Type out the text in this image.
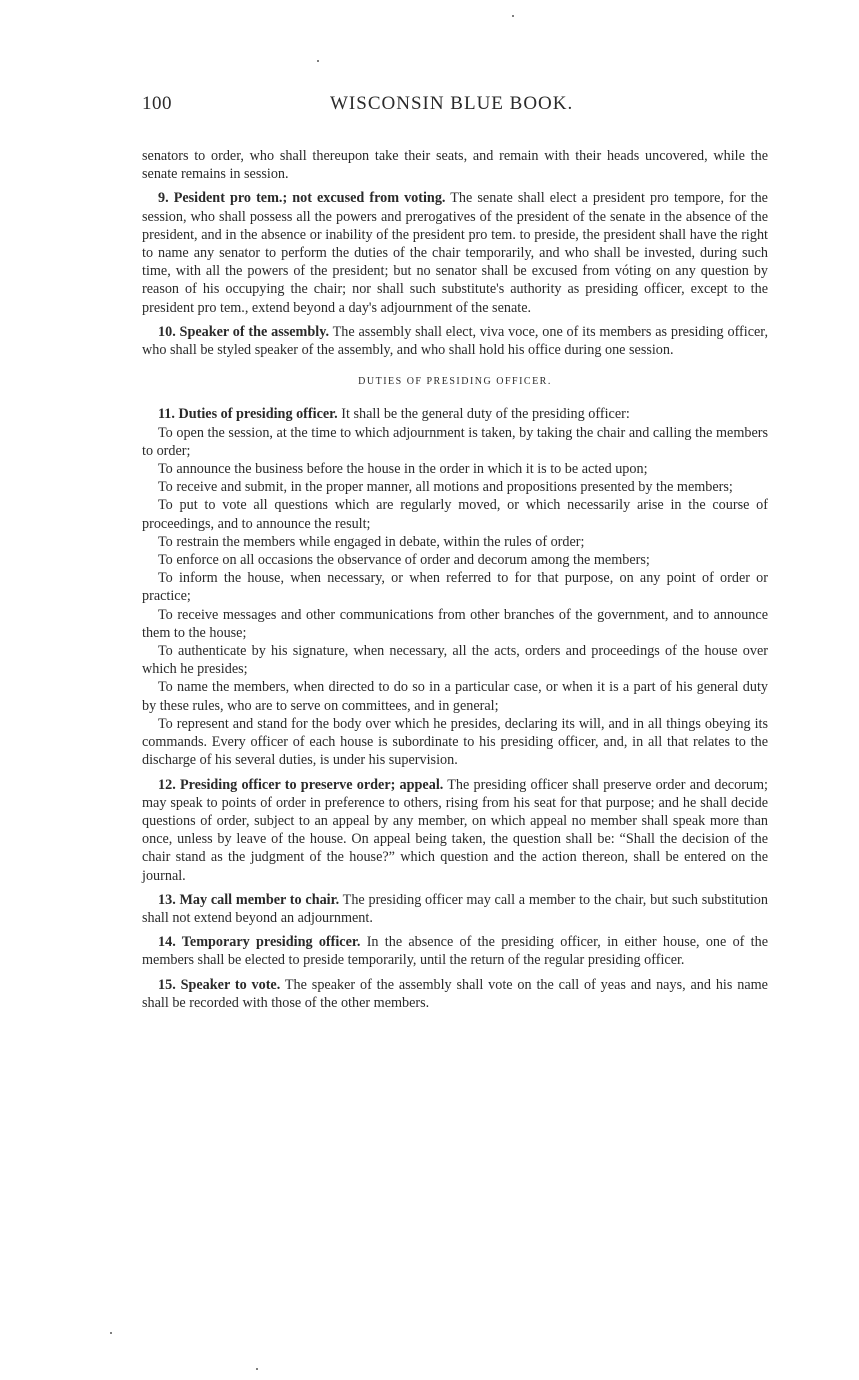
100	WISCONSIN BLUE BOOK.

senators to order, who shall thereupon take their seats, and remain with their heads uncovered, while the senate remains in session.

9. Pesident pro tem.; not excused from voting. The senate shall elect a president pro tempore, for the session, who shall possess all the powers and prerogatives of the president of the senate in the absence of the president, and in the absence or inability of the president pro tem. to preside, the president shall have the right to name any senator to perform the duties of the chair temporarily, and who shall be invested, during such time, with all the powers of the president; but no senator shall be excused from vóting on any question by reason of his occupying the chair; nor shall such substitute's authority as presiding officer, except to the president pro tem., extend beyond a day's adjournment of the senate.

10. Speaker of the assembly. The assembly shall elect, viva voce, one of its members as presiding officer, who shall be styled speaker of the assembly, and who shall hold his office during one session.

DUTIES OF PRESIDING OFFICER.

11. Duties of presiding officer. It shall be the general duty of the presiding officer:

To open the session, at the time to which adjournment is taken, by taking the chair and calling the members to order;

To announce the business before the house in the order in which it is to be acted upon;

To receive and submit, in the proper manner, all motions and propositions presented by the members;

To put to vote all questions which are regularly moved, or which necessarily arise in the course of proceedings, and to announce the result;

To restrain the members while engaged in debate, within the rules of order;

To enforce on all occasions the observance of order and decorum among the members;

To inform the house, when necessary, or when referred to for that purpose, on any point of order or practice;

To receive messages and other communications from other branches of the government, and to announce them to the house;

To authenticate by his signature, when necessary, all the acts, orders and proceedings of the house over which he presides;

To name the members, when directed to do so in a particular case, or when it is a part of his general duty by these rules, who are to serve on committees, and in general;

To represent and stand for the body over which he presides, declaring its will, and in all things obeying its commands. Every officer of each house is subordinate to his presiding officer, and, in all that relates to the discharge of his several duties, is under his supervision.

12. Presiding officer to preserve order; appeal. The presiding officer shall preserve order and decorum; may speak to points of order in preference to others, rising from his seat for that purpose; and he shall decide questions of order, subject to an appeal by any member, on which appeal no member shall speak more than once, unless by leave of the house. On appeal being taken, the question shall be: “Shall the decision of the chair stand as the judgment of the house?” which question and the action thereon, shall be entered on the journal.

13. May call member to chair. The presiding officer may call a member to the chair, but such substitution shall not extend beyond an adjournment.

14. Temporary presiding officer. In the absence of the presiding officer, in either house, one of the members shall be elected to preside temporarily, until the return of the regular presiding officer.

15. Speaker to vote. The speaker of the assembly shall vote on the call of yeas and nays, and his name shall be recorded with those of the other members.
